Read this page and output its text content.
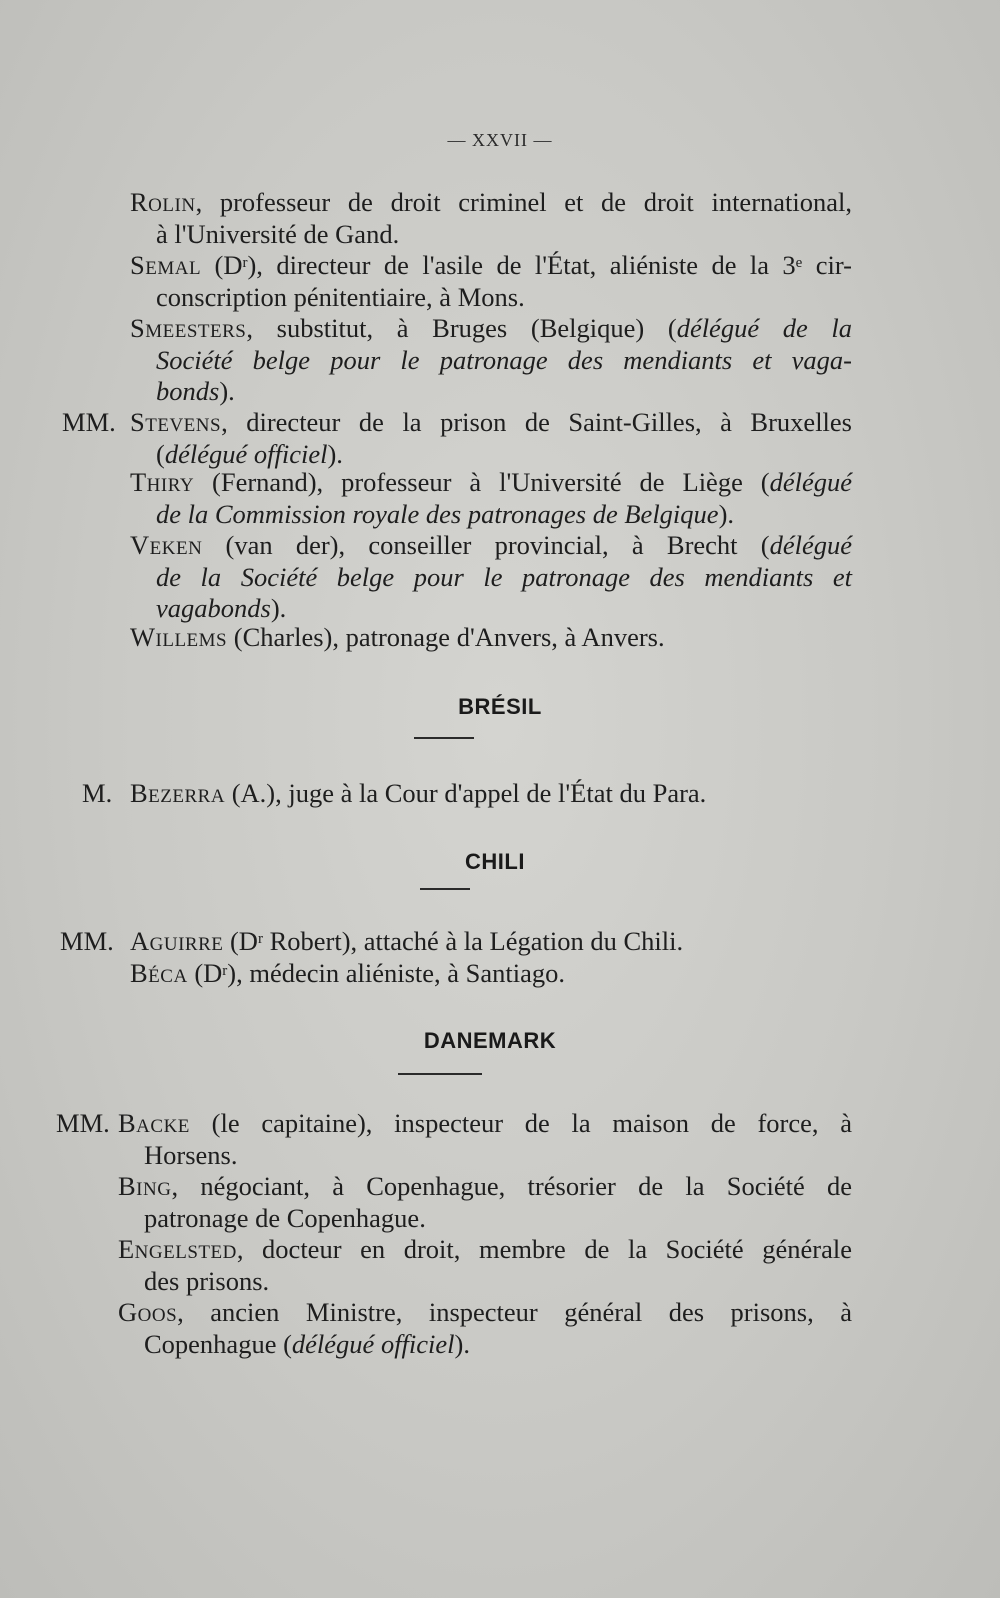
— XXVII —
Rolin, professeur de droit criminel et de droit international,
à l'Université de Gand.
Semal $(D^r)$, directeur de l'asile de l'État, aliéniste de la 3e cir-
conscription pénitentiaire, à Mons.
Smeesters, substitut, à Bruges (Belgique) (délégué de la
Société belge pour le patronage des mendiants et vaga-
bonds).
MM. Stevens, directeur de la prison de Saint-Gilles, à Bruxelles
(délégué officiel).
Thiry (Fernand), professeur à l'Université de Liège (délégué
de la Commission royale des patronages de Belgique).
Veken (van der), conseiller provincial, à Brecht (délégué
de la Société belge pour le patronage des mendiants et
vagabonds).
Willems (Charles), patronage d'Anvers, à Anvers.
BRÉSIL
M. Bezerra (A.), juge à la Cour d'appel de l'État du Para.
CHILI
MM. Aguirre ($D^r$ Robert), attaché à la Légation du Chili.
Béca $(D^r)$, médecin aliéniste, à Santiago.
DANEMARK
MM. Backe (le capitaine), inspecteur de la maison de force, à
Horsens.
Bing, négociant, à Copenhague, trésorier de la Société de
patronage de Copenhague.
Engelsted, docteur en droit, membre de la Société générale
des prisons.
Goos, ancien Ministre, inspecteur général des prisons, à
Copenhague (délégué officiel).
